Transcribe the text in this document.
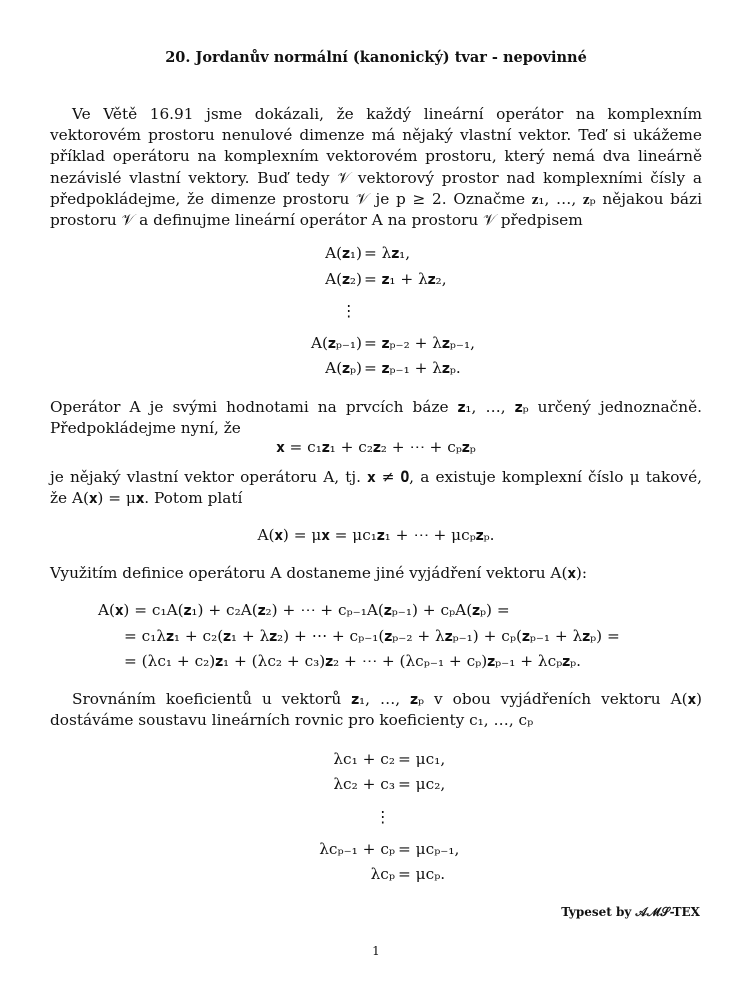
20. Jordanův normální (kanonický) tvar - nepovinné

Ve Větě 16.91 jsme dokázali, že každý lineární operátor na komplexním vektorovém prostoru nenulové dimenze má nějaký vlastní vektor. Teď si ukážeme příklad operátoru na komplexním vektorovém prostoru, který nemá dva lineárně nezávislé vlastní vektory. Buď tedy 𝒱 vektorový prostor nad komplexními čísly a předpokládejme, že dimenze prostoru 𝒱 je p ≥ 2. Označme 𝐳₁, …, 𝐳ₚ nějakou bázi prostoru 𝒱 a definujme lineární operátor A na prostoru 𝒱 předpisem

A(𝐳₁) = λ𝐳₁,
A(𝐳₂) = 𝐳₁ + λ𝐳₂,
⋮
A(𝐳ₚ₋₁) = 𝐳ₚ₋₂ + λ𝐳ₚ₋₁,
A(𝐳ₚ) = 𝐳ₚ₋₁ + λ𝐳ₚ.

Operátor A je svými hodnotami na prvcích báze 𝐳₁, …, 𝐳ₚ určený jednoznačně. Předpokládejme nyní, že

𝐱 = c₁𝐳₁ + c₂𝐳₂ + ⋯ + cₚ𝐳ₚ

je nějaký vlastní vektor operátoru A, tj. 𝐱 ≠ 𝟎, a existuje komplexní číslo μ takové, že A(𝐱) = μ𝐱. Potom platí

A(𝐱) = μ𝐱 = μc₁𝐳₁ + ⋯ + μcₚ𝐳ₚ.

Využitím definice operátoru A dostaneme jiné vyjádření vektoru A(𝐱):

A(𝐱) = c₁A(𝐳₁) + c₂A(𝐳₂) + ⋯ + cₚ₋₁A(𝐳ₚ₋₁) + cₚA(𝐳ₚ) =
= c₁λ𝐳₁ + c₂(𝐳₁ + λ𝐳₂) + ⋯ + cₚ₋₁(𝐳ₚ₋₂ + λ𝐳ₚ₋₁) + cₚ(𝐳ₚ₋₁ + λ𝐳ₚ) =
= (λc₁ + c₂)𝐳₁ + (λc₂ + c₃)𝐳₂ + ⋯ + (λcₚ₋₁ + cₚ)𝐳ₚ₋₁ + λcₚ𝐳ₚ.

Srovnáním koeficientů u vektorů 𝐳₁, …, 𝐳ₚ v obou vyjádřeních vektoru A(𝐱) dostáváme soustavu lineárních rovnic pro koeficienty c₁, …, cₚ

λc₁ + c₂ = μc₁,
λc₂ + c₃ = μc₂,
⋮
λcₚ₋₁ + cₚ = μcₚ₋₁,
λcₚ = μcₚ.
Typeset by 𝒜ℳ𝒮-TEX
1
